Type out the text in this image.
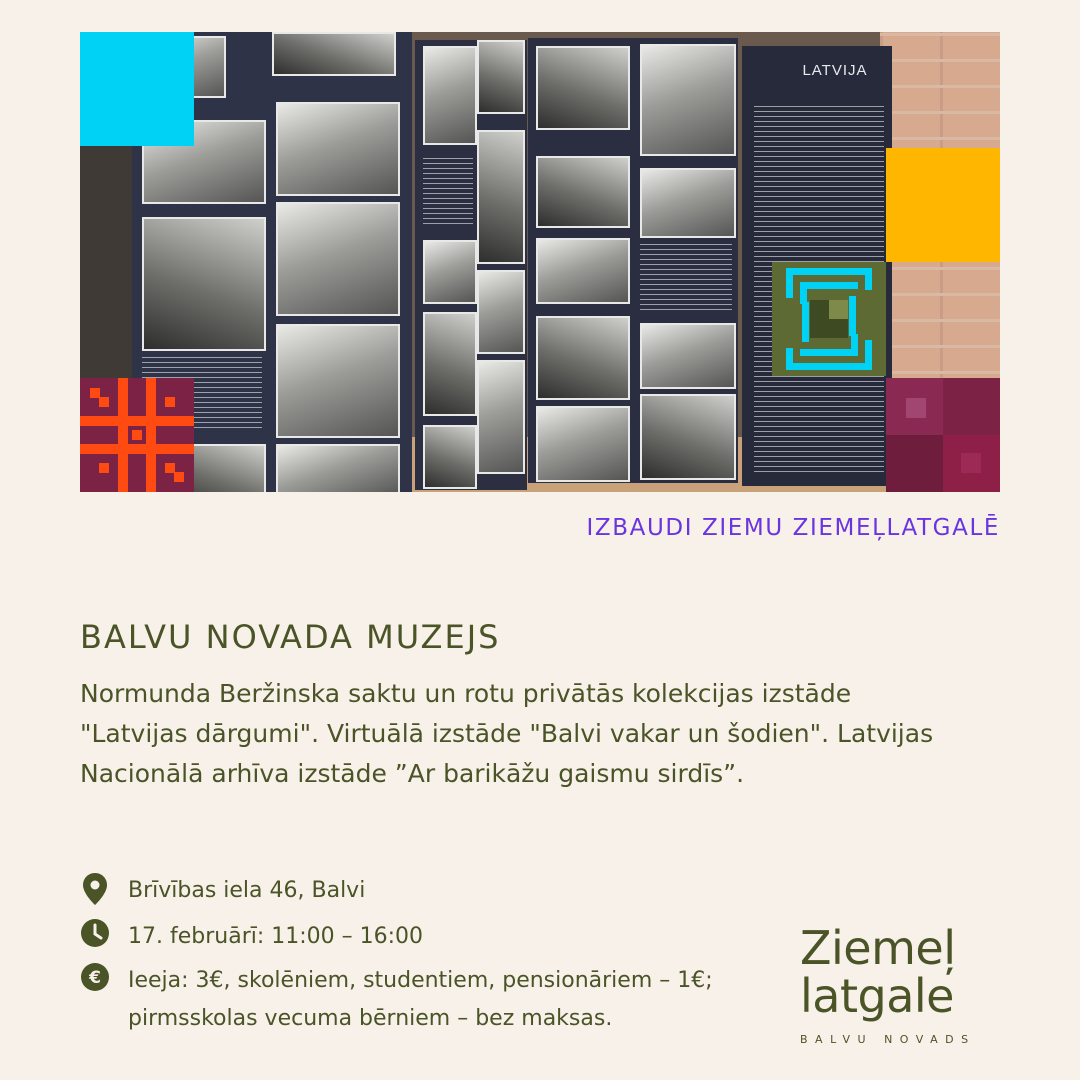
LATVIJA
IZBAUDI ZIEMU ZIEMEĻLATGALĒ
BALVU NOVADA MUZEJS
Normunda Beržinska saktu un rotu privātās kolekcijas izstāde "Latvijas dārgumi". Virtuālā izstāde "Balvi vakar un šodien". Latvijas Nacionālā arhīva izstāde ”Ar barikāžu gaismu sirdīs”.
Brīvības iela 46, Balvi
17. februārī: 11:00 – 16:00
€ Ieeja: 3€, skolēniem, studentiem, pensionāriem – 1€; pirmsskolas vecuma bērniem – bez maksas.
Ziemeļ
latgale
BALVU NOVADS
